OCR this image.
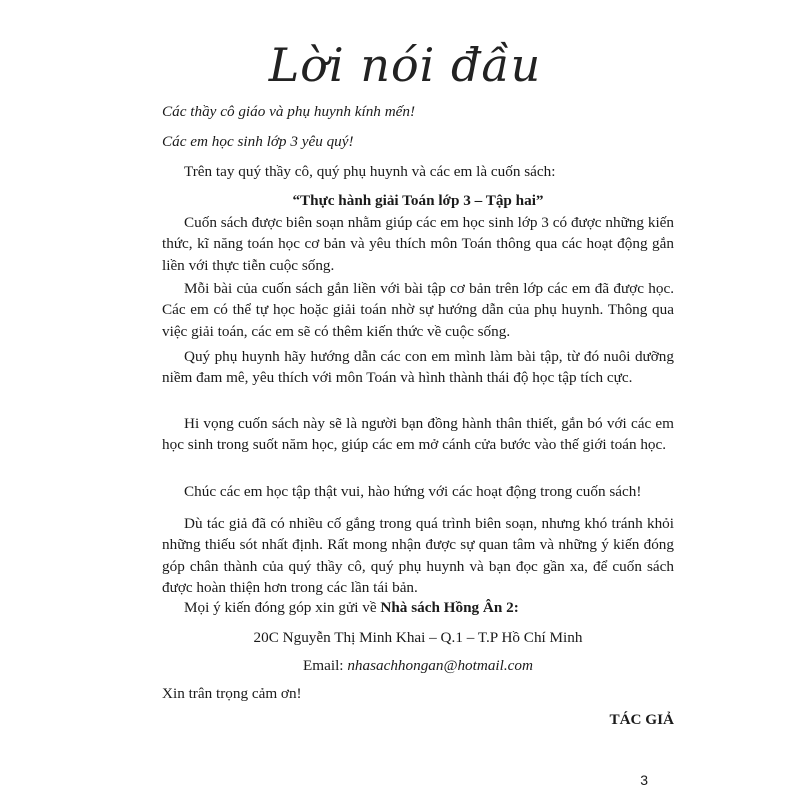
Lời nói đầu
Các thầy cô giáo và phụ huynh kính mến!
Các em học sinh lớp 3 yêu quý!
Trên tay quý thầy cô, quý phụ huynh và các em là cuốn sách:
“Thực hành giải Toán lớp 3 – Tập hai”

Cuốn sách được biên soạn nhằm giúp các em học sinh lớp 3 có được những kiến thức, kĩ năng toán học cơ bản và yêu thích môn Toán thông qua các hoạt động gắn liền với thực tiễn cuộc sống.

Mỗi bài của cuốn sách gắn liền với bài tập cơ bản trên lớp các em đã được học. Các em có thể tự học hoặc giải toán nhờ sự hướng dẫn của phụ huynh. Thông qua việc giải toán, các em sẽ có thêm kiến thức về cuộc sống.

Quý phụ huynh hãy hướng dẫn các con em mình làm bài tập, từ đó nuôi dưỡng niềm đam mê, yêu thích với môn Toán và hình thành thái độ học tập tích cực.

Hi vọng cuốn sách này sẽ là người bạn đồng hành thân thiết, gắn bó với các em học sinh trong suốt năm học, giúp các em mở cánh cửa bước vào thế giới toán học.

Chúc các em học tập thật vui, hào hứng với các hoạt động trong cuốn sách!

Dù tác giả đã có nhiều cố gắng trong quá trình biên soạn, nhưng khó tránh khỏi những thiếu sót nhất định. Rất mong nhận được sự quan tâm và những ý kiến đóng góp chân thành của quý thầy cô, quý phụ huynh và bạn đọc gần xa, để cuốn sách được hoàn thiện hơn trong các lần tái bản.

Mọi ý kiến đóng góp xin gửi về Nhà sách Hồng Ân 2:
20C Nguyễn Thị Minh Khai – Q.1 – T.P Hồ Chí Minh
Email: nhasachhongan@hotmail.com
Xin trân trọng cảm ơn!
TÁC GIẢ
3
